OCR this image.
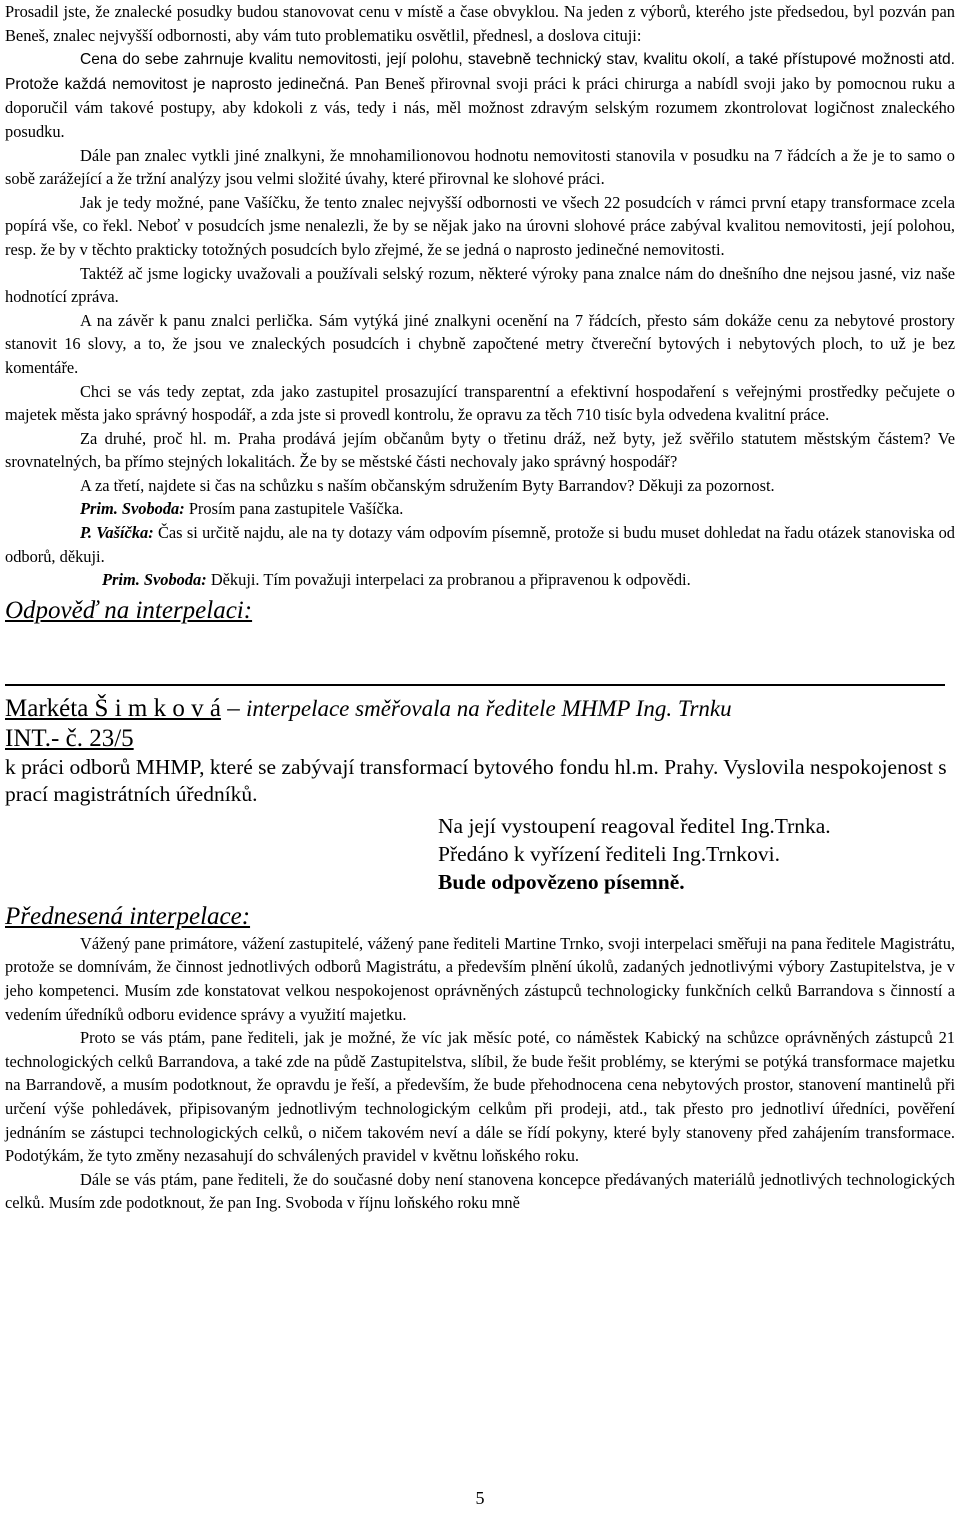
Prosadil jste, že znalecké posudky budou stanovovat cenu v místě a čase obvyklou. Na jeden z výborů, kterého jste předsedou, byl pozván pan Beneš, znalec nejvyšší odbornosti, aby vám tuto problematiku osvětlil, přednesl, a doslova cituji:

Cena do sebe zahrnuje kvalitu nemovitosti, její polohu, stavebně technický stav, kvalitu okolí, a také přístupové možnosti atd. Protože každá nemovitost je naprosto jedinečná. Pan Beneš přirovnal svoji práci k práci chirurga a nabídl svoji jako by pomocnou ruku a doporučil vám takové postupy, aby kdokoli z vás, tedy i nás, měl možnost zdravým selským rozumem zkontrolovat logičnost znaleckého posudku.

Dále pan znalec vytkli jiné znalkyni, že mnohamilionovou hodnotu nemovitosti stanovila v posudku na 7 řádcích a že je to samo o sobě zarážející a že tržní analýzy jsou velmi složité úvahy, které přirovnal ke slohové práci.

Jak je tedy možné, pane Vašíčku, že tento znalec nejvyšší odbornosti ve všech 22 posudcích v rámci první etapy transformace zcela popírá vše, co řekl. Neboť v posudcích jsme nenalezli, že by se nějak jako na úrovni slohové práce zabýval kvalitou nemovitosti, její polohou, resp. že by v těchto prakticky totožných posudcích bylo zřejmé, že se jedná o naprosto jedinečné nemovitosti.

Taktéž ač jsme logicky uvažovali a používali selský rozum, některé výroky pana znalce nám do dnešního dne nejsou jasné, viz naše hodnotící zpráva.

A na závěr k panu znalci perlička. Sám vytýká jiné znalkyni ocenění na 7 řádcích, přesto sám dokáže cenu za nebytové prostory stanovit 16 slovy, a to, že jsou ve znaleckých posudcích i chybně započtené metry čtvereční bytových i nebytových ploch, to už je bez komentáře.

Chci se vás tedy zeptat, zda jako zastupitel prosazující transparentní a efektivní hospodaření s veřejnými prostředky pečujete o majetek města jako správný hospodář, a zda jste si provedl kontrolu, že opravu za těch 710 tisíc byla odvedena kvalitní práce.

Za druhé, proč hl. m. Praha prodává jejím občanům byty o třetinu dráž, než byty, jež svěřilo statutem městským částem? Ve srovnatelných, ba přímo stejných lokalitách. Že by se městské části nechovaly jako správný hospodář?

A za třetí, najdete si čas na schůzku s naším občanským sdružením Byty Barrandov? Děkuji za pozornost.

Prim. Svoboda: Prosím pana zastupitele Vašíčka.

P. Vašíčka: Čas si určitě najdu, ale na ty dotazy vám odpovím písemně, protože si budu muset dohledat na řadu otázek stanoviska od odborů, děkuji.

Prim. Svoboda: Děkuji. Tím považuji interpelaci za probranou a připravenou k odpovědi.

Odpověď na interpelaci:

Markéta Š i m k o v á – interpelace směřovala na ředitele MHMP Ing. Trnku

INT.- č. 23/5

k práci odborů MHMP, které se zabývají transformací bytového fondu hl.m. Prahy. Vyslovila nespokojenost s prací magistrátních úředníků.

Na její vystoupení reagoval ředitel Ing.Trnka.

Předáno k vyřízení řediteli Ing.Trnkovi.

Bude odpovězeno písemně.

Přednesená interpelace:

Vážený pane primátore, vážení zastupitelé, vážený pane řediteli Martine Trnko, svoji interpelaci směřuji na pana ředitele Magistrátu, protože se domnívám, že činnost jednotlivých odborů Magistrátu, a především plnění úkolů, zadaných jednotlivými výbory Zastupitelstva, je v jeho kompetenci. Musím zde konstatovat velkou nespokojenost oprávněných zástupců technologicky funkčních celků Barrandova s činností a vedením úředníků odboru evidence správy a využití majetku.

Proto se vás ptám, pane řediteli, jak je možné, že víc jak měsíc poté, co náměstek Kabický na schůzce oprávněných zástupců 21 technologických celků Barrandova, a také zde na půdě Zastupitelstva, slíbil, že bude řešit problémy, se kterými se potýká transformace majetku na Barrandově, a musím podotknout, že opravdu je řeší, a především, že bude přehodnocena cena nebytových prostor, stanovení mantinelů při určení výše pohledávek, připisovaným jednotlivým technologickým celkům při prodeji, atd., tak přesto pro jednotliví úředníci, pověření jednáním se zástupci technologických celků, o ničem takovém neví a dále se řídí pokyny, které byly stanoveny před zahájením transformace. Podotýkám, že tyto změny nezasahují do schválených pravidel v květnu loňského roku.

Dále se vás ptám, pane řediteli, že do současné doby není stanovena koncepce předávaných materiálů jednotlivých technologických celků. Musím zde podotknout, že pan Ing. Svoboda v říjnu loňského roku mně

5
